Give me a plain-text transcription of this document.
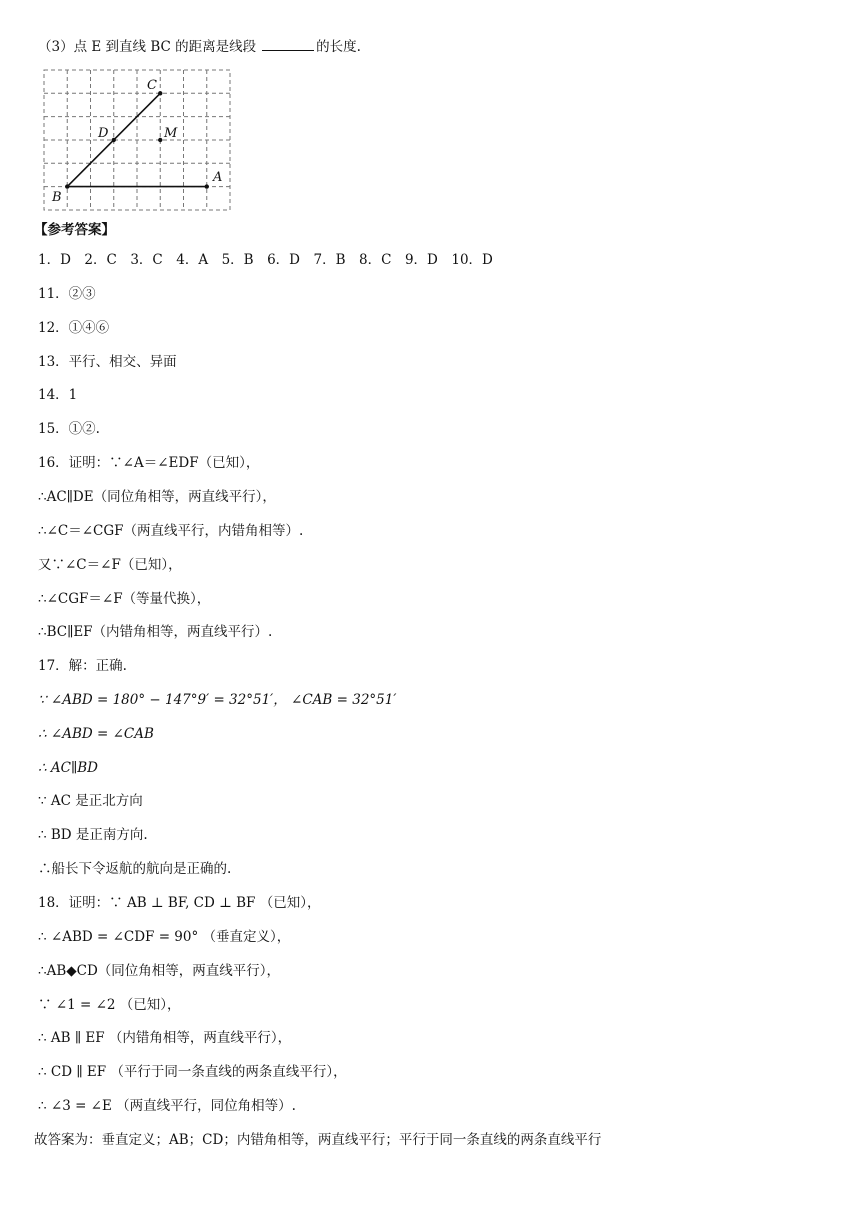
（3）点 E 到直线 BC 的距离是线段	的长度.
C
D	M
B
A
【参考答案】
1．D　2．C　3．C　4．A　5．B　6．D　7．B　8．C　9．D　10．D
11．②③
12．①④⑥
13．平行、相交、异面
14．1
15．①②.
16．证明：∵∠A＝∠EDF（已知），
∴AC∥DE（同位角相等，两直线平行），
∴∠C＝∠CGF（两直线平行，内错角相等）.
又∵∠C＝∠F（已知），
∴∠CGF＝∠F（等量代换），
∴BC∥EF（内错角相等，两直线平行）.
17．解：正确.
∵ ∠ABD = 180° − 147°9′ = 32°51′， ∠CAB = 32°51′
∴ ∠ABD = ∠CAB
∴ AC∥BD
∵ AC 是正北方向
∴ BD 是正南方向.
∴船长下令返航的航向是正确的.
18．证明：∵ AB ⊥ BF, CD ⊥ BF （已知），
∴ ∠ABD = ∠CDF = 90° （垂直定义），
∴AB◆CD（同位角相等，两直线平行），
∵ ∠1 = ∠2 （已知），
∴ AB ∥ EF （内错角相等，两直线平行），
∴ CD ∥ EF （平行于同一条直线的两条直线平行），
∴ ∠3 = ∠E （两直线平行，同位角相等）.
故答案为：垂直定义；AB；CD；内错角相等，两直线平行；平行于同一条直线的两条直线平行
